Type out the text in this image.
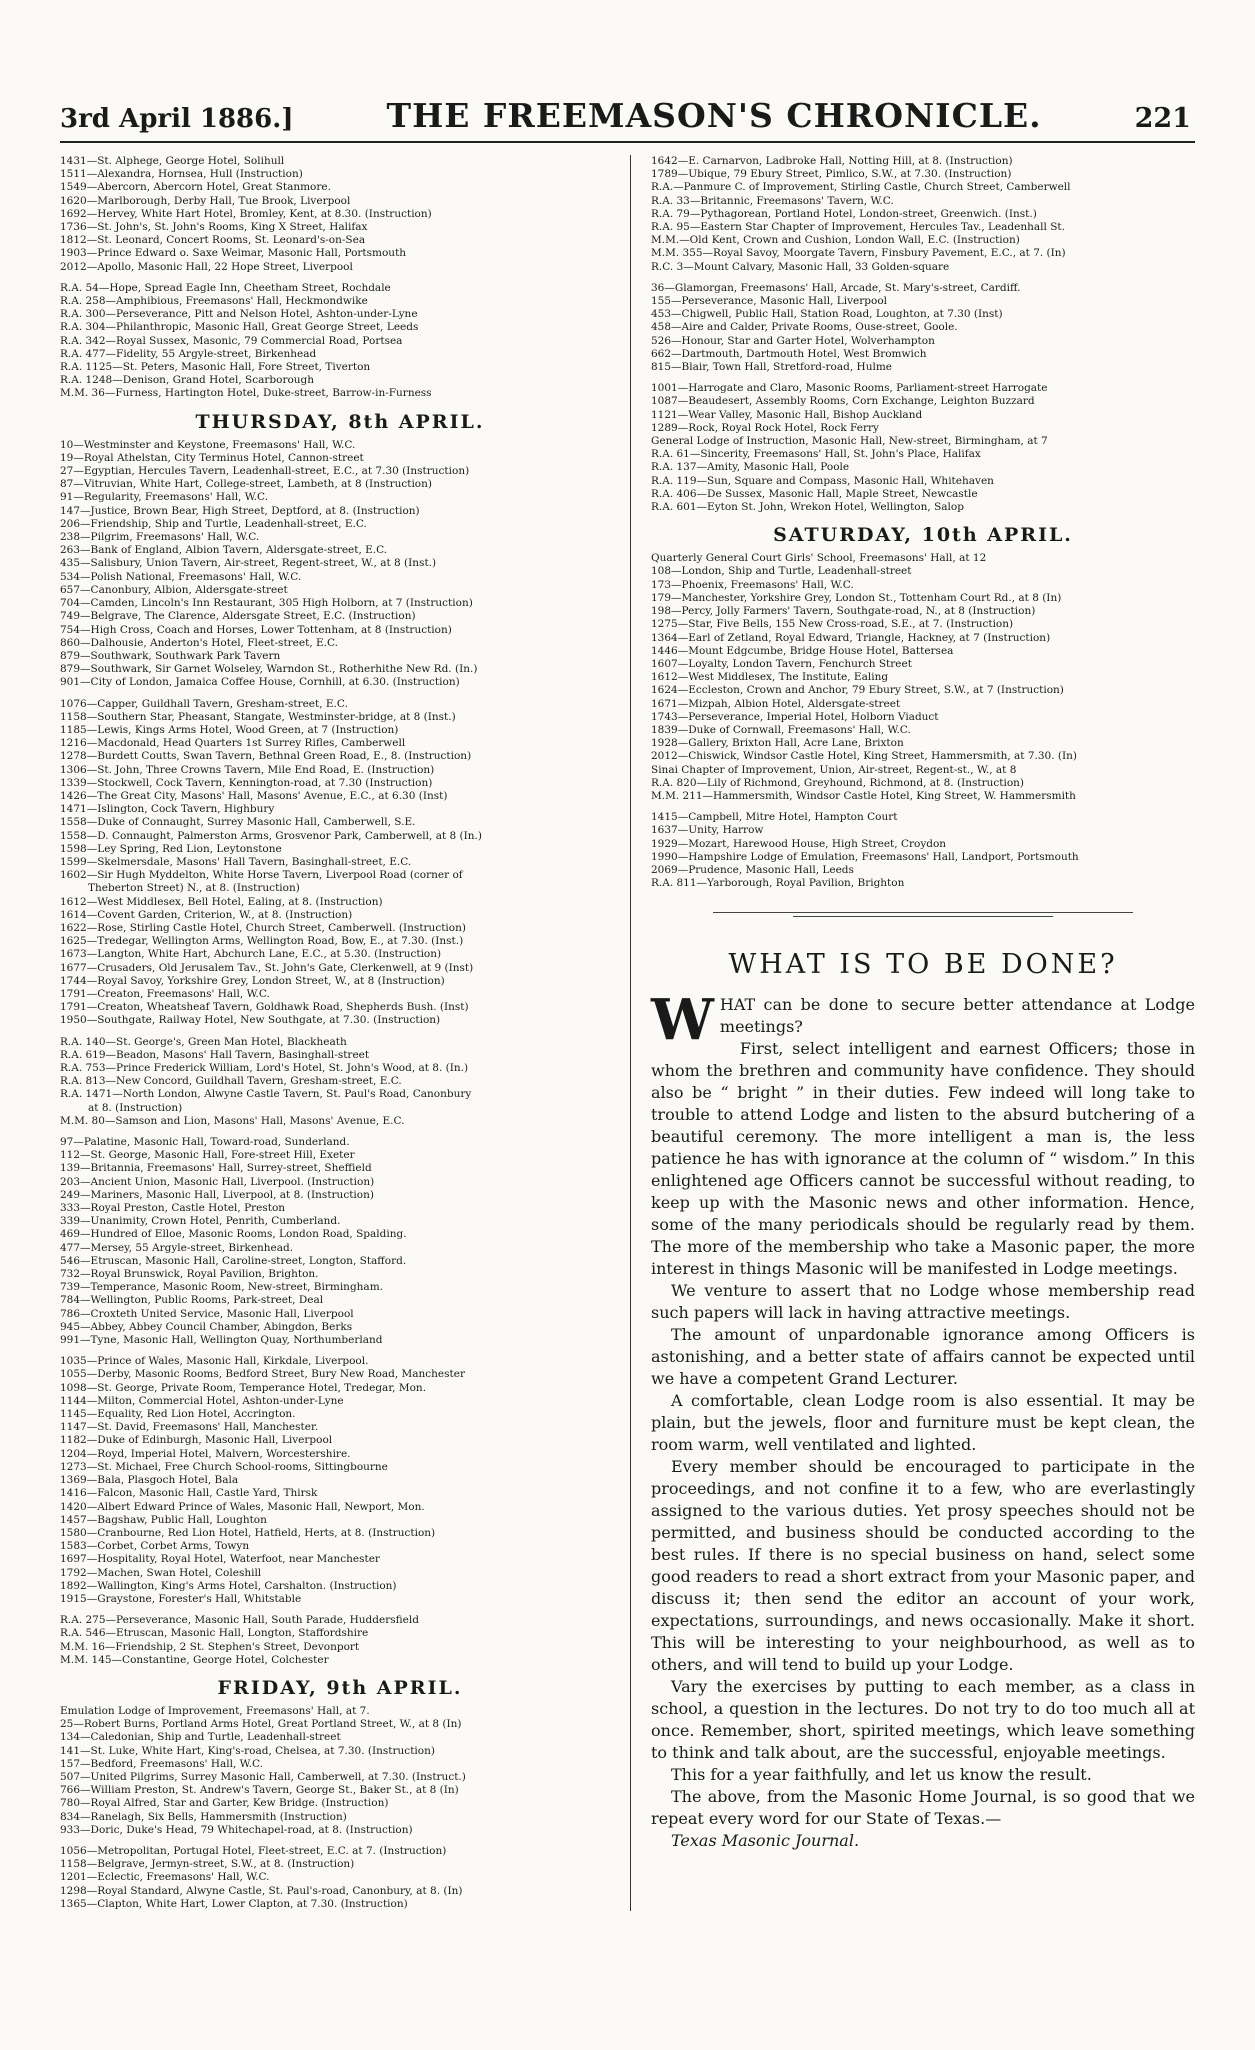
3rd April 1886.]	THE FREEMASON'S CHRONICLE.	221
1431—St. Alphege, George Hotel, Solihull
1511—Alexandra, Hornsea, Hull (Instruction)
1549—Abercorn, Abercorn Hotel, Great Stanmore.
1620—Marlborough, Derby Hall, Tue Brook, Liverpool
1692—Hervey, White Hart Hotel, Bromley, Kent, at 8.30. (Instruction)
1736—St. John's, St. John's Rooms, King X Street, Halifax
1812—St. Leonard, Concert Rooms, St. Leonard's-on-Sea
1903—Prince Edward o. Saxe Weimar, Masonic Hall, Portsmouth
2012—Apollo, Masonic Hall, 22 Hope Street, Liverpool
R.A. 54—Hope, Spread Eagle Inn, Cheetham Street, Rochdale
R.A. 258—Amphibious, Freemasons' Hall, Heckmondwike
R.A. 300—Perseverance, Pitt and Nelson Hotel, Ashton-under-Lyne
R.A. 304—Philanthropic, Masonic Hall, Great George Street, Leeds
R.A. 342—Royal Sussex, Masonic, 79 Commercial Road, Portsea
R.A. 477—Fidelity, 55 Argyle-street, Birkenhead
R.A. 1125—St. Peters, Masonic Hall, Fore Street, Tiverton
R.A. 1248—Denison, Grand Hotel, Scarborough
M.M. 36—Furness, Hartington Hotel, Duke-street, Barrow-in-Furness
THURSDAY, 8th APRIL.
10—Westminster and Keystone, Freemasons' Hall, W.C.
19—Royal Athelstan, City Terminus Hotel, Cannon-street
27—Egyptian, Hercules Tavern, Leadenhall-street, E.C., at 7.30 (Instruction)
87—Vitruvian, White Hart, College-street, Lambeth, at 8 (Instruction)
91—Regularity, Freemasons' Hall, W.C.
147—Justice, Brown Bear, High Street, Deptford, at 8. (Instruction)
206—Friendship, Ship and Turtle, Leadenhall-street, E.C.
238—Pilgrim, Freemasons' Hall, W.C.
263—Bank of England, Albion Tavern, Aldersgate-street, E.C.
435—Salisbury, Union Tavern, Air-street, Regent-street, W., at 8 (Inst.)
534—Polish National, Freemasons' Hall, W.C.
657—Canonbury, Albion, Aldersgate-street
704—Camden, Lincoln's Inn Restaurant, 305 High Holborn, at 7 (Instruction)
749—Belgrave, The Clarence, Aldersgate Street, E.C. (Instruction)
754—High Cross, Coach and Horses, Lower Tottenham, at 8 (Instruction)
860—Dalhousie, Anderton's Hotel, Fleet-street, E.C.
879—Southwark, Southwark Park Tavern
879—Southwark, Sir Garnet Wolseley, Warndon St., Rotherhithe New Rd. (In.)
901—City of London, Jamaica Coffee House, Cornhill, at 6.30. (Instruction)
1076—Capper, Guildhall Tavern, Gresham-street, E.C.
1158—Southern Star, Pheasant, Stangate, Westminster-bridge, at 8 (Inst.)
1185—Lewis, Kings Arms Hotel, Wood Green, at 7 (Instruction)
1216—Macdonald, Head Quarters 1st Surrey Rifles, Camberwell
1278—Burdett Coutts, Swan Tavern, Bethnal Green Road, E., 8. (Instruction)
1306—St. John, Three Crowns Tavern, Mile End Road, E. (Instruction)
1339—Stockwell, Cock Tavern, Kennington-road, at 7.30 (Instruction)
1426—The Great City, Masons' Hall, Masons' Avenue, E.C., at 6.30 (Inst)
1471—Islington, Cock Tavern, Highbury
1558—Duke of Connaught, Surrey Masonic Hall, Camberwell, S.E.
1558—D. Connaught, Palmerston Arms, Grosvenor Park, Camberwell, at 8 (In.)
1598—Ley Spring, Red Lion, Leytonstone
1599—Skelmersdale, Masons' Hall Tavern, Basinghall-street, E.C.
1602—Sir Hugh Myddelton, White Horse Tavern, Liverpool Road (corner of
Theberton Street) N., at 8. (Instruction)
1612—West Middlesex, Bell Hotel, Ealing, at 8. (Instruction)
1614—Covent Garden, Criterion, W., at 8. (Instruction)
1622—Rose, Stirling Castle Hotel, Church Street, Camberwell. (Instruction)
1625—Tredegar, Wellington Arms, Wellington Road, Bow, E., at 7.30. (Inst.)
1673—Langton, White Hart, Abchurch Lane, E.C., at 5.30. (Instruction)
1677—Crusaders, Old Jerusalem Tav., St. John's Gate, Clerkenwell, at 9 (Inst)
1744—Royal Savoy, Yorkshire Grey, London Street, W., at 8 (Instruction)
1791—Creaton, Freemasons' Hall, W.C.
1791—Creaton, Wheatsheaf Tavern, Goldhawk Road, Shepherds Bush. (Inst)
1950—Southgate, Railway Hotel, New Southgate, at 7.30. (Instruction)
R.A. 140—St. George's, Green Man Hotel, Blackheath
R.A. 619—Beadon, Masons' Hall Tavern, Basinghall-street
R.A. 753—Prince Frederick William, Lord's Hotel, St. John's Wood, at 8. (In.)
R.A. 813—New Concord, Guildhall Tavern, Gresham-street, E.C.
R.A. 1471—North London, Alwyne Castle Tavern, St. Paul's Road, Canonbury
at 8. (Instruction)
M.M. 80—Samson and Lion, Masons' Hall, Masons' Avenue, E.C.
97—Palatine, Masonic Hall, Toward-road, Sunderland.
112—St. George, Masonic Hall, Fore-street Hill, Exeter
139—Britannia, Freemasons' Hall, Surrey-street, Sheffield
203—Ancient Union, Masonic Hall, Liverpool. (Instruction)
249—Mariners, Masonic Hall, Liverpool, at 8. (Instruction)
333—Royal Preston, Castle Hotel, Preston
339—Unanimity, Crown Hotel, Penrith, Cumberland.
469—Hundred of Elloe, Masonic Rooms, London Road, Spalding.
477—Mersey, 55 Argyle-street, Birkenhead.
546—Etruscan, Masonic Hall, Caroline-street, Longton, Stafford.
732—Royal Brunswick, Royal Pavilion, Brighton.
739—Temperance, Masonic Room, New-street, Birmingham.
784—Wellington, Public Rooms, Park-street, Deal
786—Croxteth United Service, Masonic Hall, Liverpool
945—Abbey, Abbey Council Chamber, Abingdon, Berks
991—Tyne, Masonic Hall, Wellington Quay, Northumberland
1035—Prince of Wales, Masonic Hall, Kirkdale, Liverpool.
1055—Derby, Masonic Rooms, Bedford Street, Bury New Road, Manchester
1098—St. George, Private Room, Temperance Hotel, Tredegar, Mon.
1144—Milton, Commercial Hotel, Ashton-under-Lyne
1145—Equality, Red Lion Hotel, Accrington.
1147—St. David, Freemasons' Hall, Manchester.
1182—Duke of Edinburgh, Masonic Hall, Liverpool
1204—Royd, Imperial Hotel, Malvern, Worcestershire.
1273—St. Michael, Free Church School-rooms, Sittingbourne
1369—Bala, Plasgoch Hotel, Bala
1416—Falcon, Masonic Hall, Castle Yard, Thirsk
1420—Albert Edward Prince of Wales, Masonic Hall, Newport, Mon.
1457—Bagshaw, Public Hall, Loughton
1580—Cranbourne, Red Lion Hotel, Hatfield, Herts, at 8. (Instruction)
1583—Corbet, Corbet Arms, Towyn
1697—Hospitality, Royal Hotel, Waterfoot, near Manchester
1792—Machen, Swan Hotel, Coleshill
1892—Wallington, King's Arms Hotel, Carshalton. (Instruction)
1915—Graystone, Forester's Hall, Whitstable
R.A. 275—Perseverance, Masonic Hall, South Parade, Huddersfield
R.A. 546—Etruscan, Masonic Hall, Longton, Staffordshire
M.M. 16—Friendship, 2 St. Stephen's Street, Devonport
M.M. 145—Constantine, George Hotel, Colchester
FRIDAY, 9th APRIL.
Emulation Lodge of Improvement, Freemasons' Hall, at 7.
25—Robert Burns, Portland Arms Hotel, Great Portland Street, W., at 8 (In)
134—Caledonian, Ship and Turtle, Leadenhall-street
141—St. Luke, White Hart, King's-road, Chelsea, at 7.30. (Instruction)
157—Bedford, Freemasons' Hall, W.C.
507—United Pilgrims, Surrey Masonic Hall, Camberwell, at 7.30. (Instruct.)
766—William Preston, St. Andrew's Tavern, George St., Baker St., at 8 (In)
780—Royal Alfred, Star and Garter, Kew Bridge. (Instruction)
834—Ranelagh, Six Bells, Hammersmith (Instruction)
933—Doric, Duke's Head, 79 Whitechapel-road, at 8. (Instruction)
1056—Metropolitan, Portugal Hotel, Fleet-street, E.C. at 7. (Instruction)
1158—Belgrave, Jermyn-street, S.W., at 8. (Instruction)
1201—Eclectic, Freemasons' Hall, W.C.
1298—Royal Standard, Alwyne Castle, St. Paul's-road, Canonbury, at 8. (In)
1365—Clapton, White Hart, Lower Clapton, at 7.30. (Instruction)
1642—E. Carnarvon, Ladbroke Hall, Notting Hill, at 8. (Instruction)
1789—Ubique, 79 Ebury Street, Pimlico, S.W., at 7.30. (Instruction)
R.A.—Panmure C. of Improvement, Stirling Castle, Church Street, Camberwell
R.A. 33—Britannic, Freemasons' Tavern, W.C.
R.A. 79—Pythagorean, Portland Hotel, London-street, Greenwich. (Inst.)
R.A. 95—Eastern Star Chapter of Improvement, Hercules Tav., Leadenhall St.
M.M.—Old Kent, Crown and Cushion, London Wall, E.C. (Instruction)
M.M. 355—Royal Savoy, Moorgate Tavern, Finsbury Pavement, E.C., at 7. (In)
R.C. 3—Mount Calvary, Masonic Hall, 33 Golden-square
36—Glamorgan, Freemasons' Hall, Arcade, St. Mary's-street, Cardiff.
155—Perseverance, Masonic Hall, Liverpool
453—Chigwell, Public Hall, Station Road, Loughton, at 7.30 (Inst)
458—Aire and Calder, Private Rooms, Ouse-street, Goole.
526—Honour, Star and Garter Hotel, Wolverhampton
662—Dartmouth, Dartmouth Hotel, West Bromwich
815—Blair, Town Hall, Stretford-road, Hulme
1001—Harrogate and Claro, Masonic Rooms, Parliament-street Harrogate
1087—Beaudesert, Assembly Rooms, Corn Exchange, Leighton Buzzard
1121—Wear Valley, Masonic Hall, Bishop Auckland
1289—Rock, Royal Rock Hotel, Rock Ferry
General Lodge of Instruction, Masonic Hall, New-street, Birmingham, at 7
R.A. 61—Sincerity, Freemasons' Hall, St. John's Place, Halifax
R.A. 137—Amity, Masonic Hall, Poole
R.A. 119—Sun, Square and Compass, Masonic Hall, Whitehaven
R.A. 406—De Sussex, Masonic Hall, Maple Street, Newcastle
R.A. 601—Eyton St. John, Wrekon Hotel, Wellington, Salop
SATURDAY, 10th APRIL.
Quarterly General Court Girls' School, Freemasons' Hall, at 12
108—London, Ship and Turtle, Leadenhall-street
173—Phoenix, Freemasons' Hall, W.C.
179—Manchester, Yorkshire Grey, London St., Tottenham Court Rd., at 8 (In)
198—Percy, Jolly Farmers' Tavern, Southgate-road, N., at 8 (Instruction)
1275—Star, Five Bells, 155 New Cross-road, S.E., at 7. (Instruction)
1364—Earl of Zetland, Royal Edward, Triangle, Hackney, at 7 (Instruction)
1446—Mount Edgcumbe, Bridge House Hotel, Battersea
1607—Loyalty, London Tavern, Fenchurch Street
1612—West Middlesex, The Institute, Ealing
1624—Eccleston, Crown and Anchor, 79 Ebury Street, S.W., at 7 (Instruction)
1671—Mizpah, Albion Hotel, Aldersgate-street
1743—Perseverance, Imperial Hotel, Holborn Viaduct
1839—Duke of Cornwall, Freemasons' Hall, W.C.
1928—Gallery, Brixton Hall, Acre Lane, Brixton
2012—Chiswick, Windsor Castle Hotel, King Street, Hammersmith, at 7.30. (In)
Sinai Chapter of Improvement, Union, Air-street, Regent-st., W., at 8
R.A. 820—Lily of Richmond, Greyhound, Richmond, at 8. (Instruction)
M.M. 211—Hammersmith, Windsor Castle Hotel, King Street, W. Hammersmith
1415—Campbell, Mitre Hotel, Hampton Court
1637—Unity, Harrow
1929—Mozart, Harewood House, High Street, Croydon
1990—Hampshire Lodge of Emulation, Freemasons' Hall, Landport, Portsmouth
2069—Prudence, Masonic Hall, Leeds
R.A. 811—Yarborough, Royal Pavilion, Brighton
WHAT IS TO BE DONE?

WHAT can be done to secure better attendance at Lodge meetings?

First, select intelligent and earnest Officers; those in whom the brethren and community have confidence. They should also be “ bright ” in their duties. Few indeed will long take to trouble to attend Lodge and listen to the absurd butchering of a beautiful ceremony. The more intelligent a man is, the less patience he has with ignorance at the column of “ wisdom.” In this enlightened age Officers cannot be successful without reading, to keep up with the Masonic news and other information. Hence, some of the many periodicals should be regularly read by them. The more of the membership who take a Masonic paper, the more interest in things Masonic will be manifested in Lodge meetings.

We venture to assert that no Lodge whose membership read such papers will lack in having attractive meetings.

The amount of unpardonable ignorance among Officers is astonishing, and a better state of affairs cannot be expected until we have a competent Grand Lecturer.

A comfortable, clean Lodge room is also essential. It may be plain, but the jewels, floor and furniture must be kept clean, the room warm, well ventilated and lighted.

Every member should be encouraged to participate in the proceedings, and not confine it to a few, who are everlastingly assigned to the various duties. Yet prosy speeches should not be permitted, and business should be conducted according to the best rules. If there is no special business on hand, select some good readers to read a short extract from your Masonic paper, and discuss it; then send the editor an account of your work, expectations, surroundings, and news occasionally. Make it short. This will be interesting to your neighbourhood, as well as to others, and will tend to build up your Lodge.

Vary the exercises by putting to each member, as a class in school, a question in the lectures. Do not try to do too much all at once. Remember, short, spirited meetings, which leave something to think and talk about, are the successful, enjoyable meetings.

This for a year faithfully, and let us know the result.

The above, from the Masonic Home Journal, is so good that we repeat every word for our State of Texas.—

Texas Masonic Journal.
